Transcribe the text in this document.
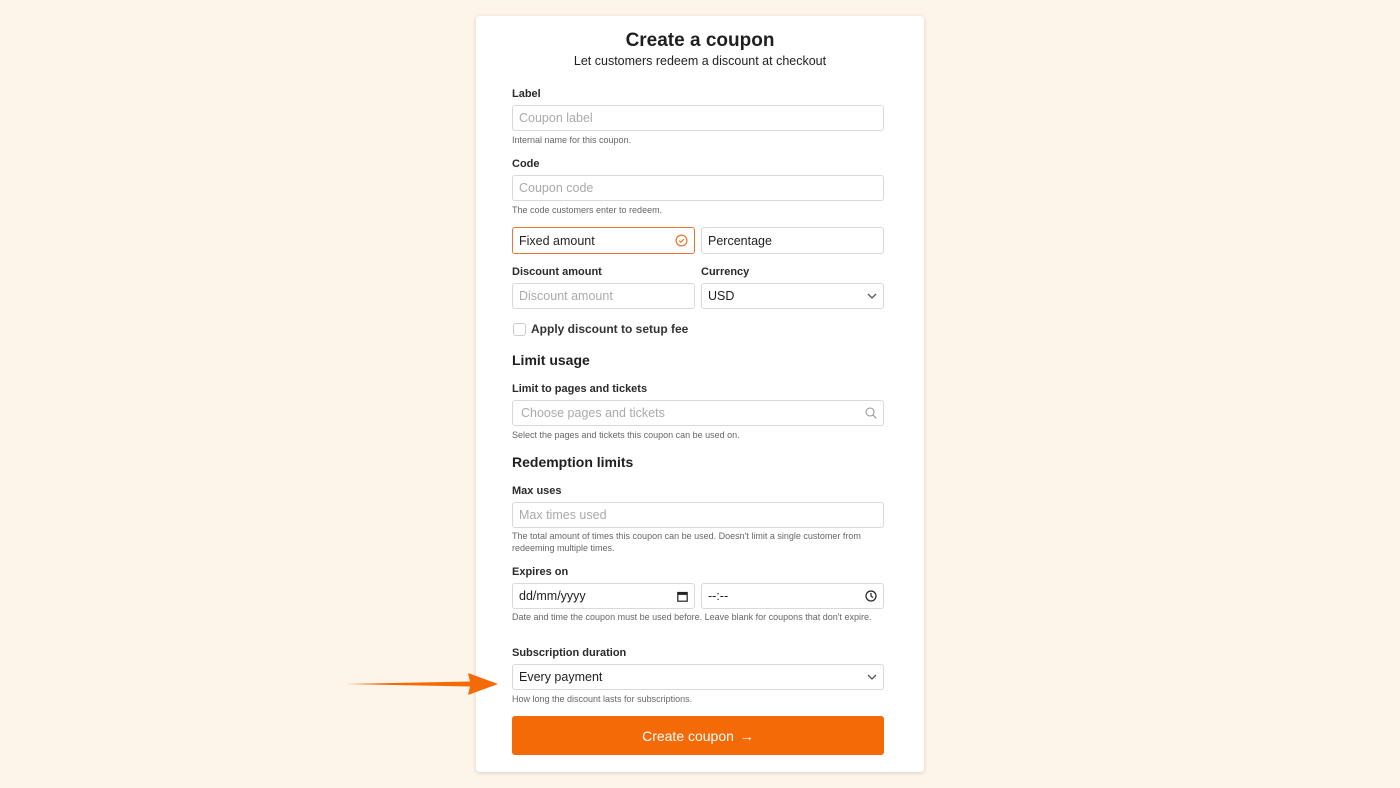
Create a coupon
Let customers redeem a discount at checkout
Label
Coupon label
Internal name for this coupon.
Code
Coupon code
The code customers enter to redeem.
Fixed amount	Percentage
Discount amount	Currency
Discount amount	USD
Apply discount to setup fee
Limit usage
Limit to pages and tickets
Choose pages and tickets
Select the pages and tickets this coupon can be used on.
Redemption limits
Max uses
Max times used
The total amount of times this coupon can be used. Doesn't limit a single customer from redeeming multiple times.
Expires on
dd/mm/yyyy	--:--
Date and time the coupon must be used before. Leave blank for coupons that don't expire.
Subscription duration
Every payment
How long the discount lasts for subscriptions.
Create coupon →
